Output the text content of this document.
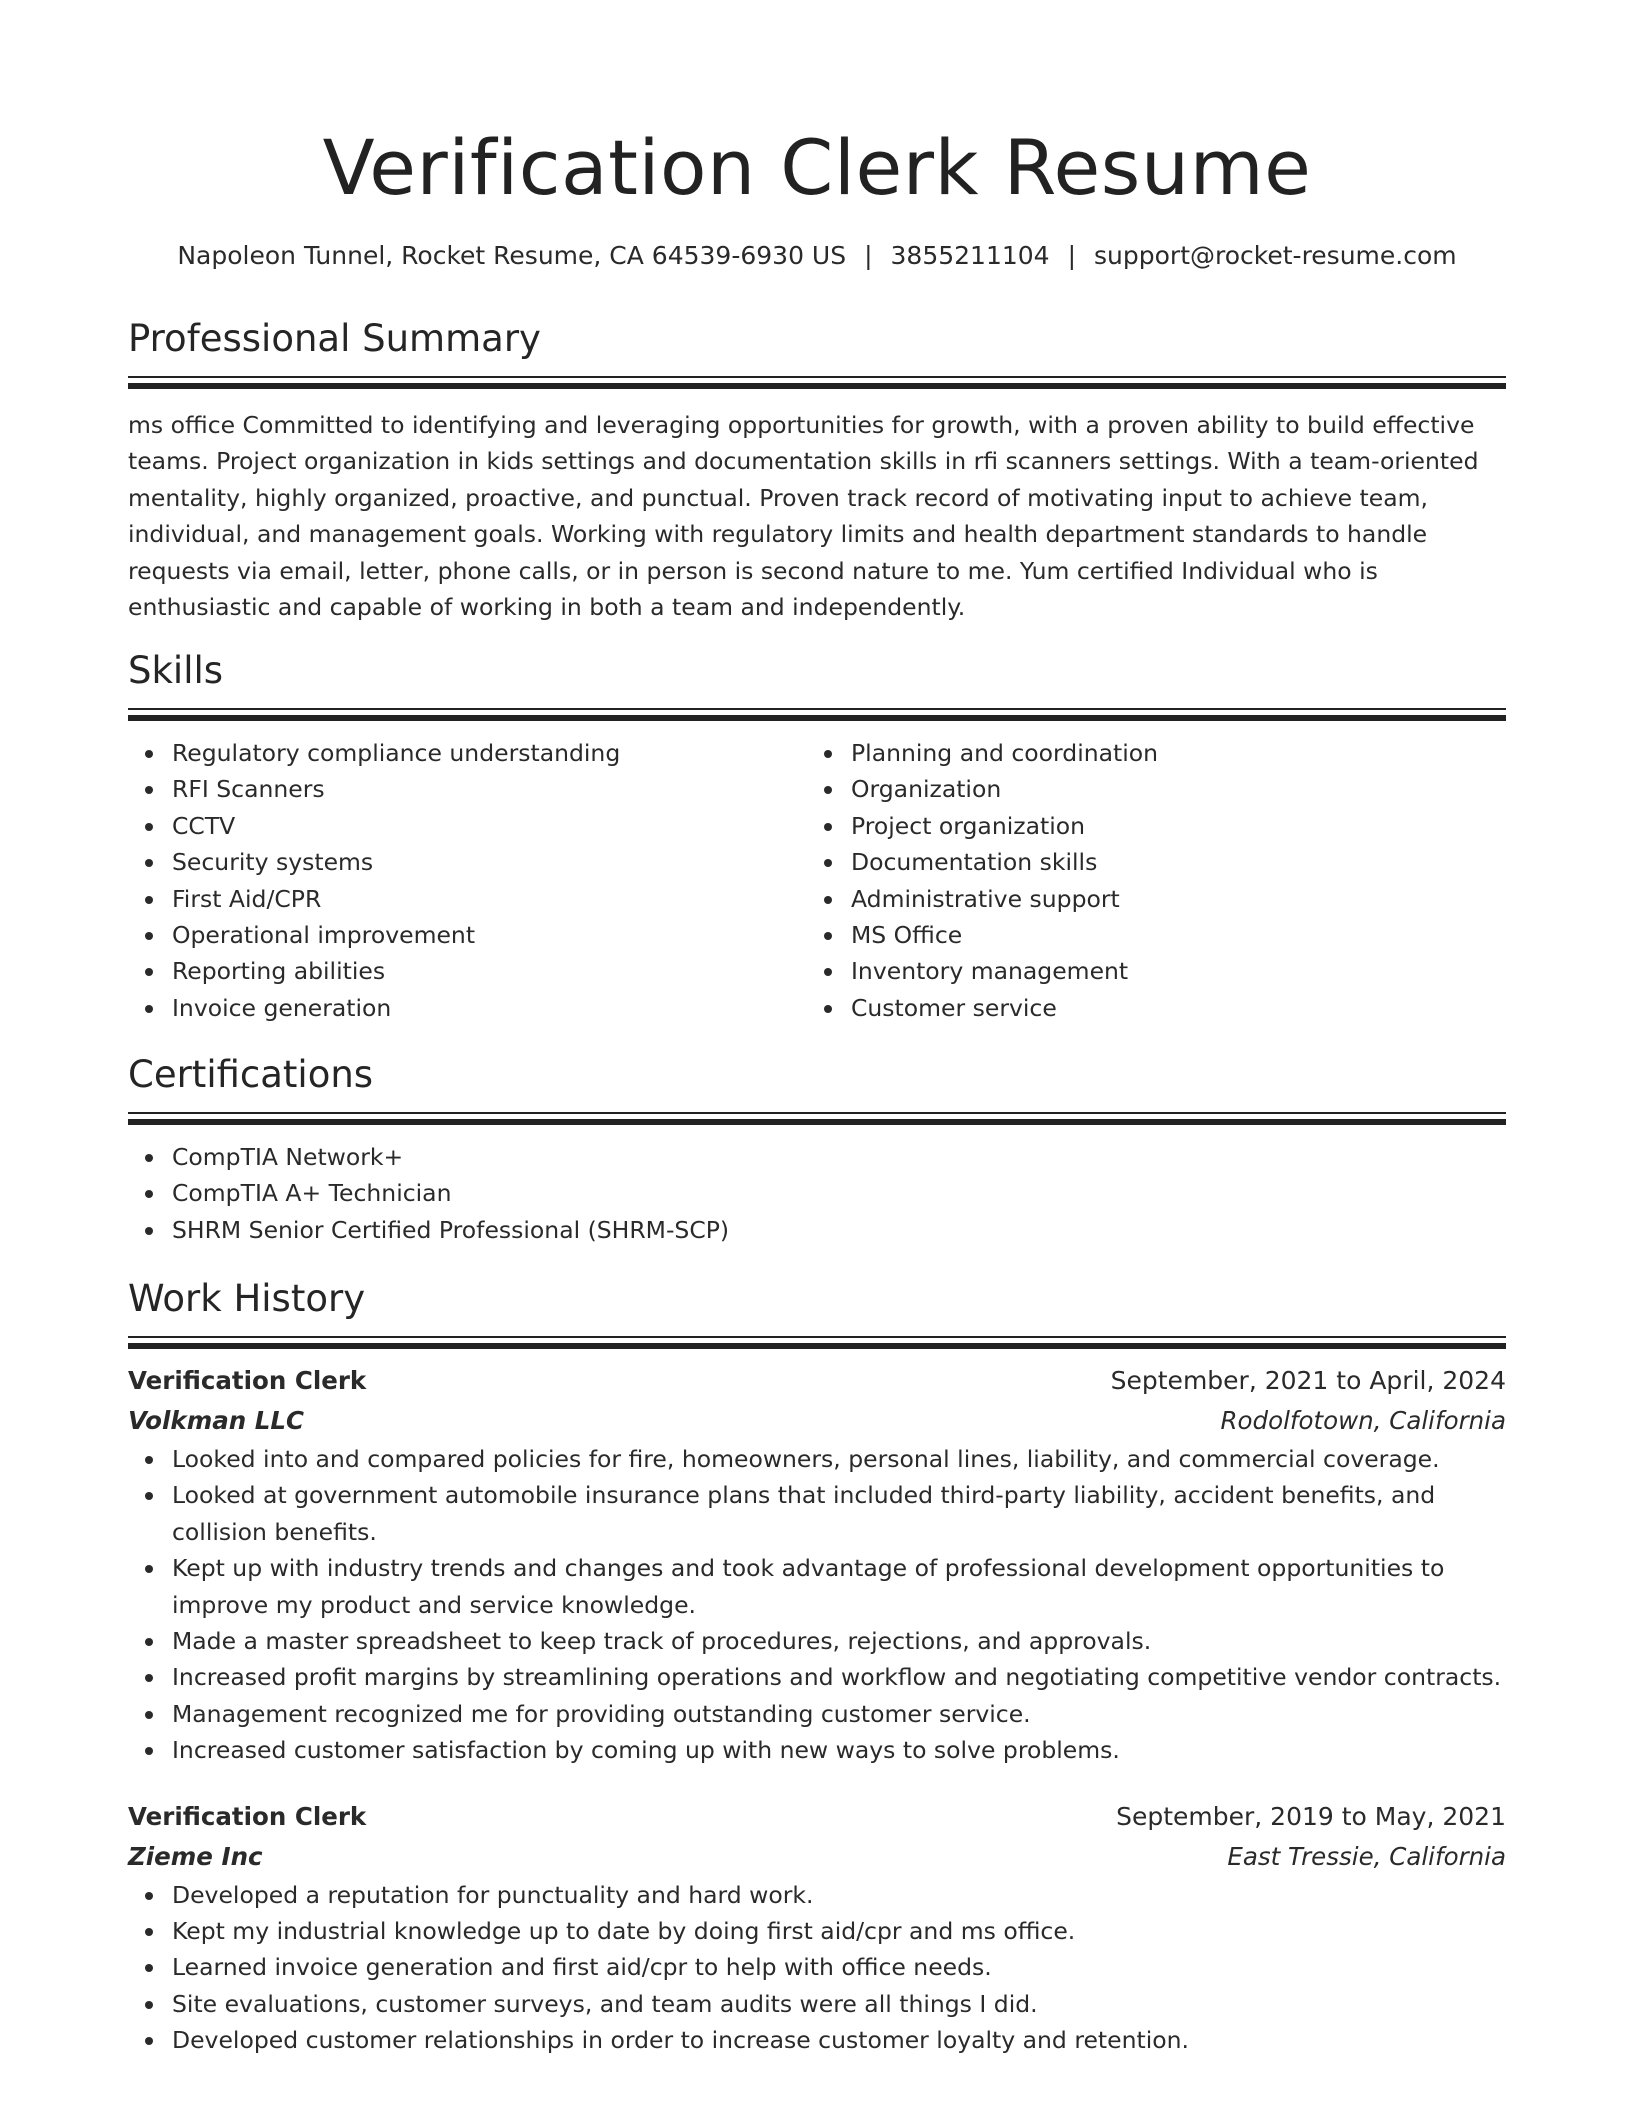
Verification Clerk Resume
Napoleon Tunnel, Rocket Resume, CA 64539-6930 US | 3855211104 | support@rocket-resume.com
Professional Summary

ms office Committed to identifying and leveraging opportunities for growth, with a proven ability to build effective teams. Project organization in kids settings and documentation skills in rfi scanners settings. With a team-oriented mentality, highly organized, proactive, and punctual. Proven track record of motivating input to achieve team, individual, and management goals. Working with regulatory limits and health department standards to handle requests via email, letter, phone calls, or in person is second nature to me. Yum certified Individual who is enthusiastic and capable of working in both a team and independently.

Skills
Regulatory compliance understanding
RFI Scanners
CCTV
Security systems
First Aid/CPR
Operational improvement
Reporting abilities
Invoice generation
Planning and coordination
Organization
Project organization
Documentation skills
Administrative support
MS Office
Inventory management
Customer service
Certifications
CompTIA Network+
CompTIA A+ Technician
SHRM Senior Certified Professional (SHRM-SCP)
Work History
Verification Clerk	September, 2021 to April, 2024
Volkman LLC	Rodolfotown, California
Looked into and compared policies for fire, homeowners, personal lines, liability, and commercial coverage.
Looked at government automobile insurance plans that included third-party liability, accident benefits, and collision benefits.
Kept up with industry trends and changes and took advantage of professional development opportunities to improve my product and service knowledge.
Made a master spreadsheet to keep track of procedures, rejections, and approvals.
Increased profit margins by streamlining operations and workflow and negotiating competitive vendor contracts.
Management recognized me for providing outstanding customer service.
Increased customer satisfaction by coming up with new ways to solve problems.
Verification Clerk	September, 2019 to May, 2021
Zieme Inc	East Tressie, California
Developed a reputation for punctuality and hard work.
Kept my industrial knowledge up to date by doing first aid/cpr and ms office.
Learned invoice generation and first aid/cpr to help with office needs.
Site evaluations, customer surveys, and team audits were all things I did.
Developed customer relationships in order to increase customer loyalty and retention.
